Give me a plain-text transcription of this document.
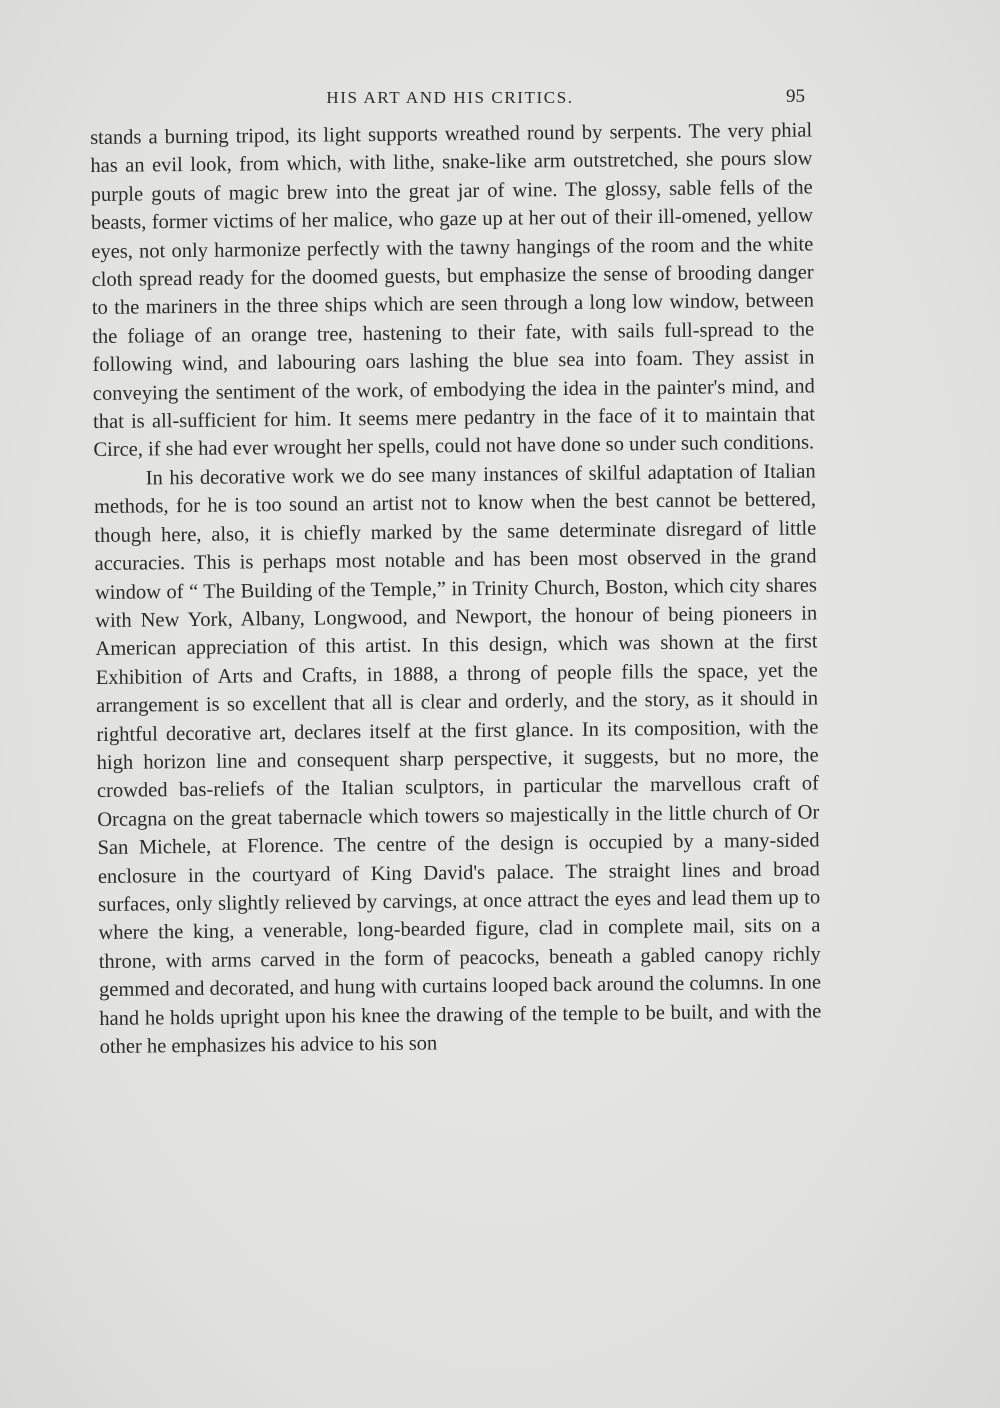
HIS ART AND HIS CRITICS.	95

stands a burning tripod, its light supports wreathed round by serpents. The very phial has an evil look, from which, with lithe, snake-like arm outstretched, she pours slow purple gouts of magic brew into the great jar of wine. The glossy, sable fells of the beasts, former victims of her malice, who gaze up at her out of their ill-omened, yellow eyes, not only harmonize perfectly with the tawny hangings of the room and the white cloth spread ready for the doomed guests, but emphasize the sense of brooding danger to the mariners in the three ships which are seen through a long low window, between the foliage of an orange tree, hastening to their fate, with sails full-spread to the following wind, and labouring oars lashing the blue sea into foam. They assist in conveying the sentiment of the work, of embodying the idea in the painter's mind, and that is all-sufficient for him. It seems mere pedantry in the face of it to maintain that Circe, if she had ever wrought her spells, could not have done so under such conditions.

In his decorative work we do see many instances of skilful adaptation of Italian methods, for he is too sound an artist not to know when the best cannot be bettered, though here, also, it is chiefly marked by the same determinate disregard of little accuracies. This is perhaps most notable and has been most observed in the grand window of “ The Building of the Temple,” in Trinity Church, Boston, which city shares with New York, Albany, Longwood, and Newport, the honour of being pioneers in American appreciation of this artist. In this design, which was shown at the first Exhibition of Arts and Crafts, in 1888, a throng of people fills the space, yet the arrangement is so excellent that all is clear and orderly, and the story, as it should in rightful decorative art, declares itself at the first glance. In its composition, with the high horizon line and consequent sharp perspective, it suggests, but no more, the crowded bas-reliefs of the Italian sculptors, in particular the marvellous craft of Orcagna on the great tabernacle which towers so majestically in the little church of Or San Michele, at Florence. The centre of the design is occupied by a many-sided enclosure in the courtyard of King David's palace. The straight lines and broad surfaces, only slightly relieved by carvings, at once attract the eyes and lead them up to where the king, a venerable, long-bearded figure, clad in complete mail, sits on a throne, with arms carved in the form of peacocks, beneath a gabled canopy richly gemmed and decorated, and hung with curtains looped back around the columns. In one hand he holds upright upon his knee the drawing of the temple to be built, and with the other he emphasizes his advice to his son
